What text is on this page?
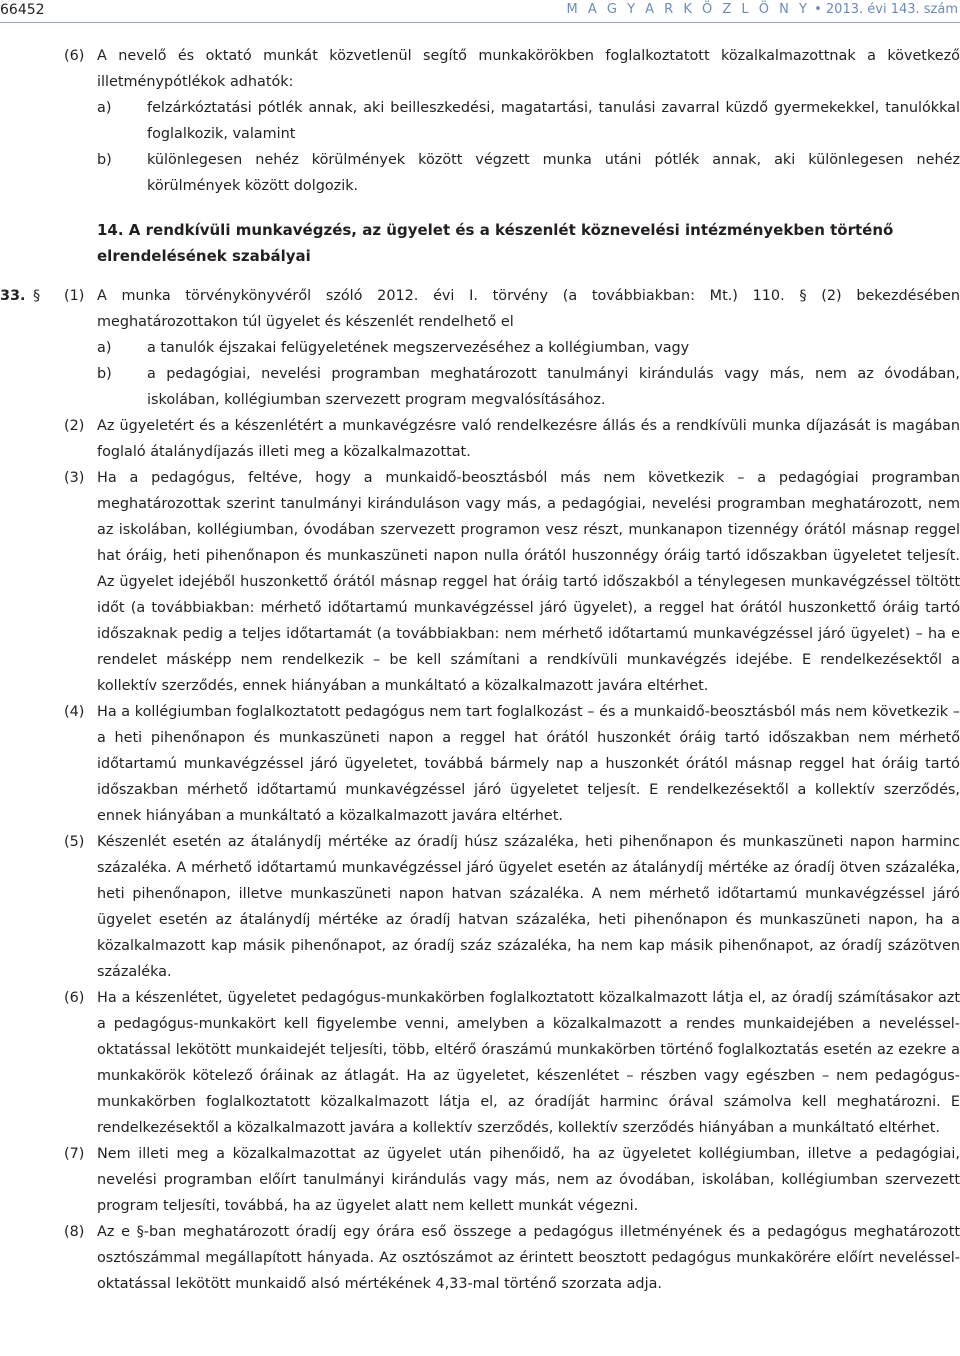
66452	M A G Y A R K Ö Z L Ö N Y • 2013. évi 143. szám
(6) A nevelő és oktató munkát közvetlenül segítő munkakörökben foglalkoztatott közalkalmazottnak a következő illetménypótlékok adhatók:
a) felzárkóztatási pótlék annak, aki beilleszkedési, magatartási, tanulási zavarral küzdő gyermekekkel, tanulókkal foglalkozik, valamint
b) különlegesen nehéz körülmények között végzett munka utáni pótlék annak, aki különlegesen nehéz körülmények között dolgozik.
14. A rendkívüli munkavégzés, az ügyelet és a készenlét köznevelési intézményekben történő elrendelésének szabályai
33. § (1) A munka törvénykönyvéről szóló 2012. évi I. törvény (a továbbiakban: Mt.) 110. § (2) bekezdésében meghatározottakon túl ügyelet és készenlét rendelhető el
a) a tanulók éjszakai felügyeletének megszervezéséhez a kollégiumban, vagy
b) a pedagógiai, nevelési programban meghatározott tanulmányi kirándulás vagy más, nem az óvodában, iskolában, kollégiumban szervezett program megvalósításához.
(2) Az ügyeletért és a készenlétért a munkavégzésre való rendelkezésre állás és a rendkívüli munka díjazását is magában foglaló átalánydíjazás illeti meg a közalkalmazottat.
(3) Ha a pedagógus, feltéve, hogy a munkaidő-beosztásból más nem következik – a pedagógiai programban meghatározottak szerint tanulmányi kiránduláson vagy más, a pedagógiai, nevelési programban meghatározott, nem az iskolában, kollégiumban, óvodában szervezett programon vesz részt, munkanapon tizennégy órától másnap reggel hat óráig, heti pihenőnapon és munkaszüneti napon nulla órától huszonnégy óráig tartó időszakban ügyeletet teljesít. Az ügyelet idejéből huszonkettő órától másnap reggel hat óráig tartó időszakból a ténylegesen munkavégzéssel töltött időt (a továbbiakban: mérhető időtartamú munkavégzéssel járó ügyelet), a reggel hat órától huszonkettő óráig tartó időszaknak pedig a teljes időtartamát (a továbbiakban: nem mérhető időtartamú munkavégzéssel járó ügyelet) – ha e rendelet másképp nem rendelkezik – be kell számítani a rendkívüli munkavégzés idejébe. E rendelkezésektől a kollektív szerződés, ennek hiányában a munkáltató a közalkalmazott javára eltérhet.
(4) Ha a kollégiumban foglalkoztatott pedagógus nem tart foglalkozást – és a munkaidő-beosztásból más nem következik – a heti pihenőnapon és munkaszüneti napon a reggel hat órától huszonkét óráig tartó időszakban nem mérhető időtartamú munkavégzéssel járó ügyeletet, továbbá bármely nap a huszonkét órától másnap reggel hat óráig tartó időszakban mérhető időtartamú munkavégzéssel járó ügyeletet teljesít. E rendelkezésektől a kollektív szerződés, ennek hiányában a munkáltató a közalkalmazott javára eltérhet.
(5) Készenlét esetén az átalánydíj mértéke az óradíj húsz százaléka, heti pihenőnapon és munkaszüneti napon harminc százaléka. A mérhető időtartamú munkavégzéssel járó ügyelet esetén az átalánydíj mértéke az óradíj ötven százaléka, heti pihenőnapon, illetve munkaszüneti napon hatvan százaléka. A nem mérhető időtartamú munkavégzéssel járó ügyelet esetén az átalánydíj mértéke az óradíj hatvan százaléka, heti pihenőnapon és munkaszüneti napon, ha a közalkalmazott kap másik pihenőnapot, az óradíj száz százaléka, ha nem kap másik pihenőnapot, az óradíj százötven százaléka.
(6) Ha a készenlétet, ügyeletet pedagógus-munkakörben foglalkoztatott közalkalmazott látja el, az óradíj számításakor azt a pedagógus-munkakört kell figyelembe venni, amelyben a közalkalmazott a rendes munkaidejében a neveléssel-oktatással lekötött munkaidejét teljesíti, több, eltérő óraszámú munkakörben történő foglalkoztatás esetén az ezekre a munkakörök kötelező óráinak az átlagát. Ha az ügyeletet, készenlétet – részben vagy egészben – nem pedagógus-munkakörben foglalkoztatott közalkalmazott látja el, az óradíját harminc órával számolva kell meghatározni. E rendelkezésektől a közalkalmazott javára a kollektív szerződés, kollektív szerződés hiányában a munkáltató eltérhet.
(7) Nem illeti meg a közalkalmazottat az ügyelet után pihenőidő, ha az ügyeletet kollégiumban, illetve a pedagógiai, nevelési programban előírt tanulmányi kirándulás vagy más, nem az óvodában, iskolában, kollégiumban szervezett program teljesíti, továbbá, ha az ügyelet alatt nem kellett munkát végezni.
(8) Az e §-ban meghatározott óradíj egy órára eső összege a pedagógus illetményének és a pedagógus meghatározott osztószámmal megállapított hányada. Az osztószámot az érintett beosztott pedagógus munkakörére előírt neveléssel-oktatással lekötött munkaidő alsó mértékének 4,33-mal történő szorzata adja.
